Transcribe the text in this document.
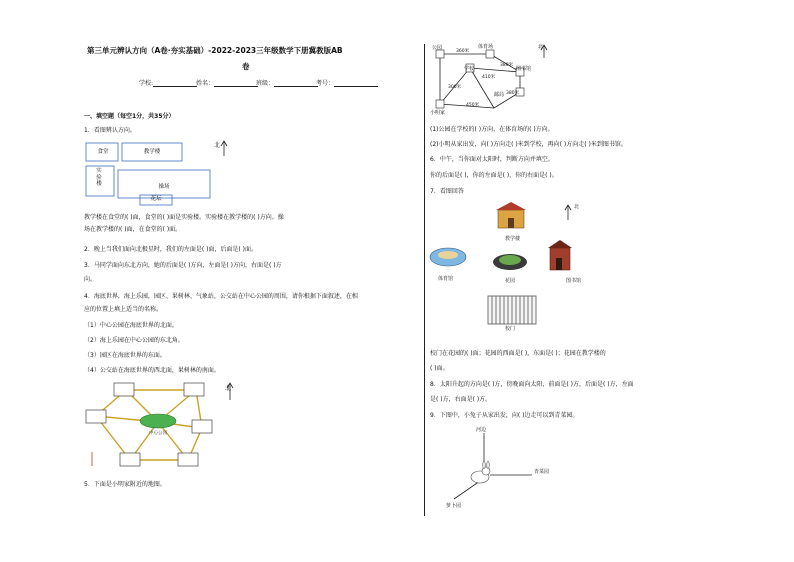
第三单元辨认方向（A卷·夯实基础）-2022-2023三年级数学下册冀教版AB
卷
学校:	姓名：	班级：	考号：
一、填空题（每空1分，共35分）
1．看图辨认方向。
食堂	教学楼
实验楼	操场
花坛
北
教学楼在食堂的( )面，食堂的( )面是实验楼。实验楼在教学楼的( )方向。操
场在教学楼的( )面，在食堂的( )面。
2．晚上当我们面向北极星时，我们的左面是( )面，后面是( )面。
3．马同学面向东北方向，她的后面是( )方向，左面是( )方向，右面是( )方
向。
4．海底世界，海上乐园，园区、果树林、气象站，公交站在中心公园的周围，请你根据下面叙述，在相
应的位置上填上适当的名称。
（1）中心公园在海底世界的北面。
（2）海上乐园在中心公园的东北角。
（3）园区在海底世界的东面。
（4）公交站在海底世界的西北面，果树林的南面。
中心公园
北
5．下面是小明家附近的地图。
公园	体育场
学校	图书馆
邮局
小明家
北
360米
410米
380米
300米
380米
450米
(1)公园在学校的( )方向，在体育场的( )方向。
(2)小明从家出发，向( )方向走( )米到学校，再向( )方向走( )米到图书馆。
6．中午，当你面对太阳时，判断方向并填空。
你的后面是( )，你的左面是( )，你的右面是( )。
7．看图回答
教学楼
体育馆	花园	图书馆
校门
北
校门在花园的( )面；花园的西面是( )，东面是( )；花园在教学楼的
( )面。
8．太阳升起的方向是( )方，傍晚面向太阳，前面是( )方，后面是( )方，左面
是( )方，右面是( )方。
9．下图中，小兔子从家出发，向( )边走可以到青菜园。
河边
青菜园
萝卜园
